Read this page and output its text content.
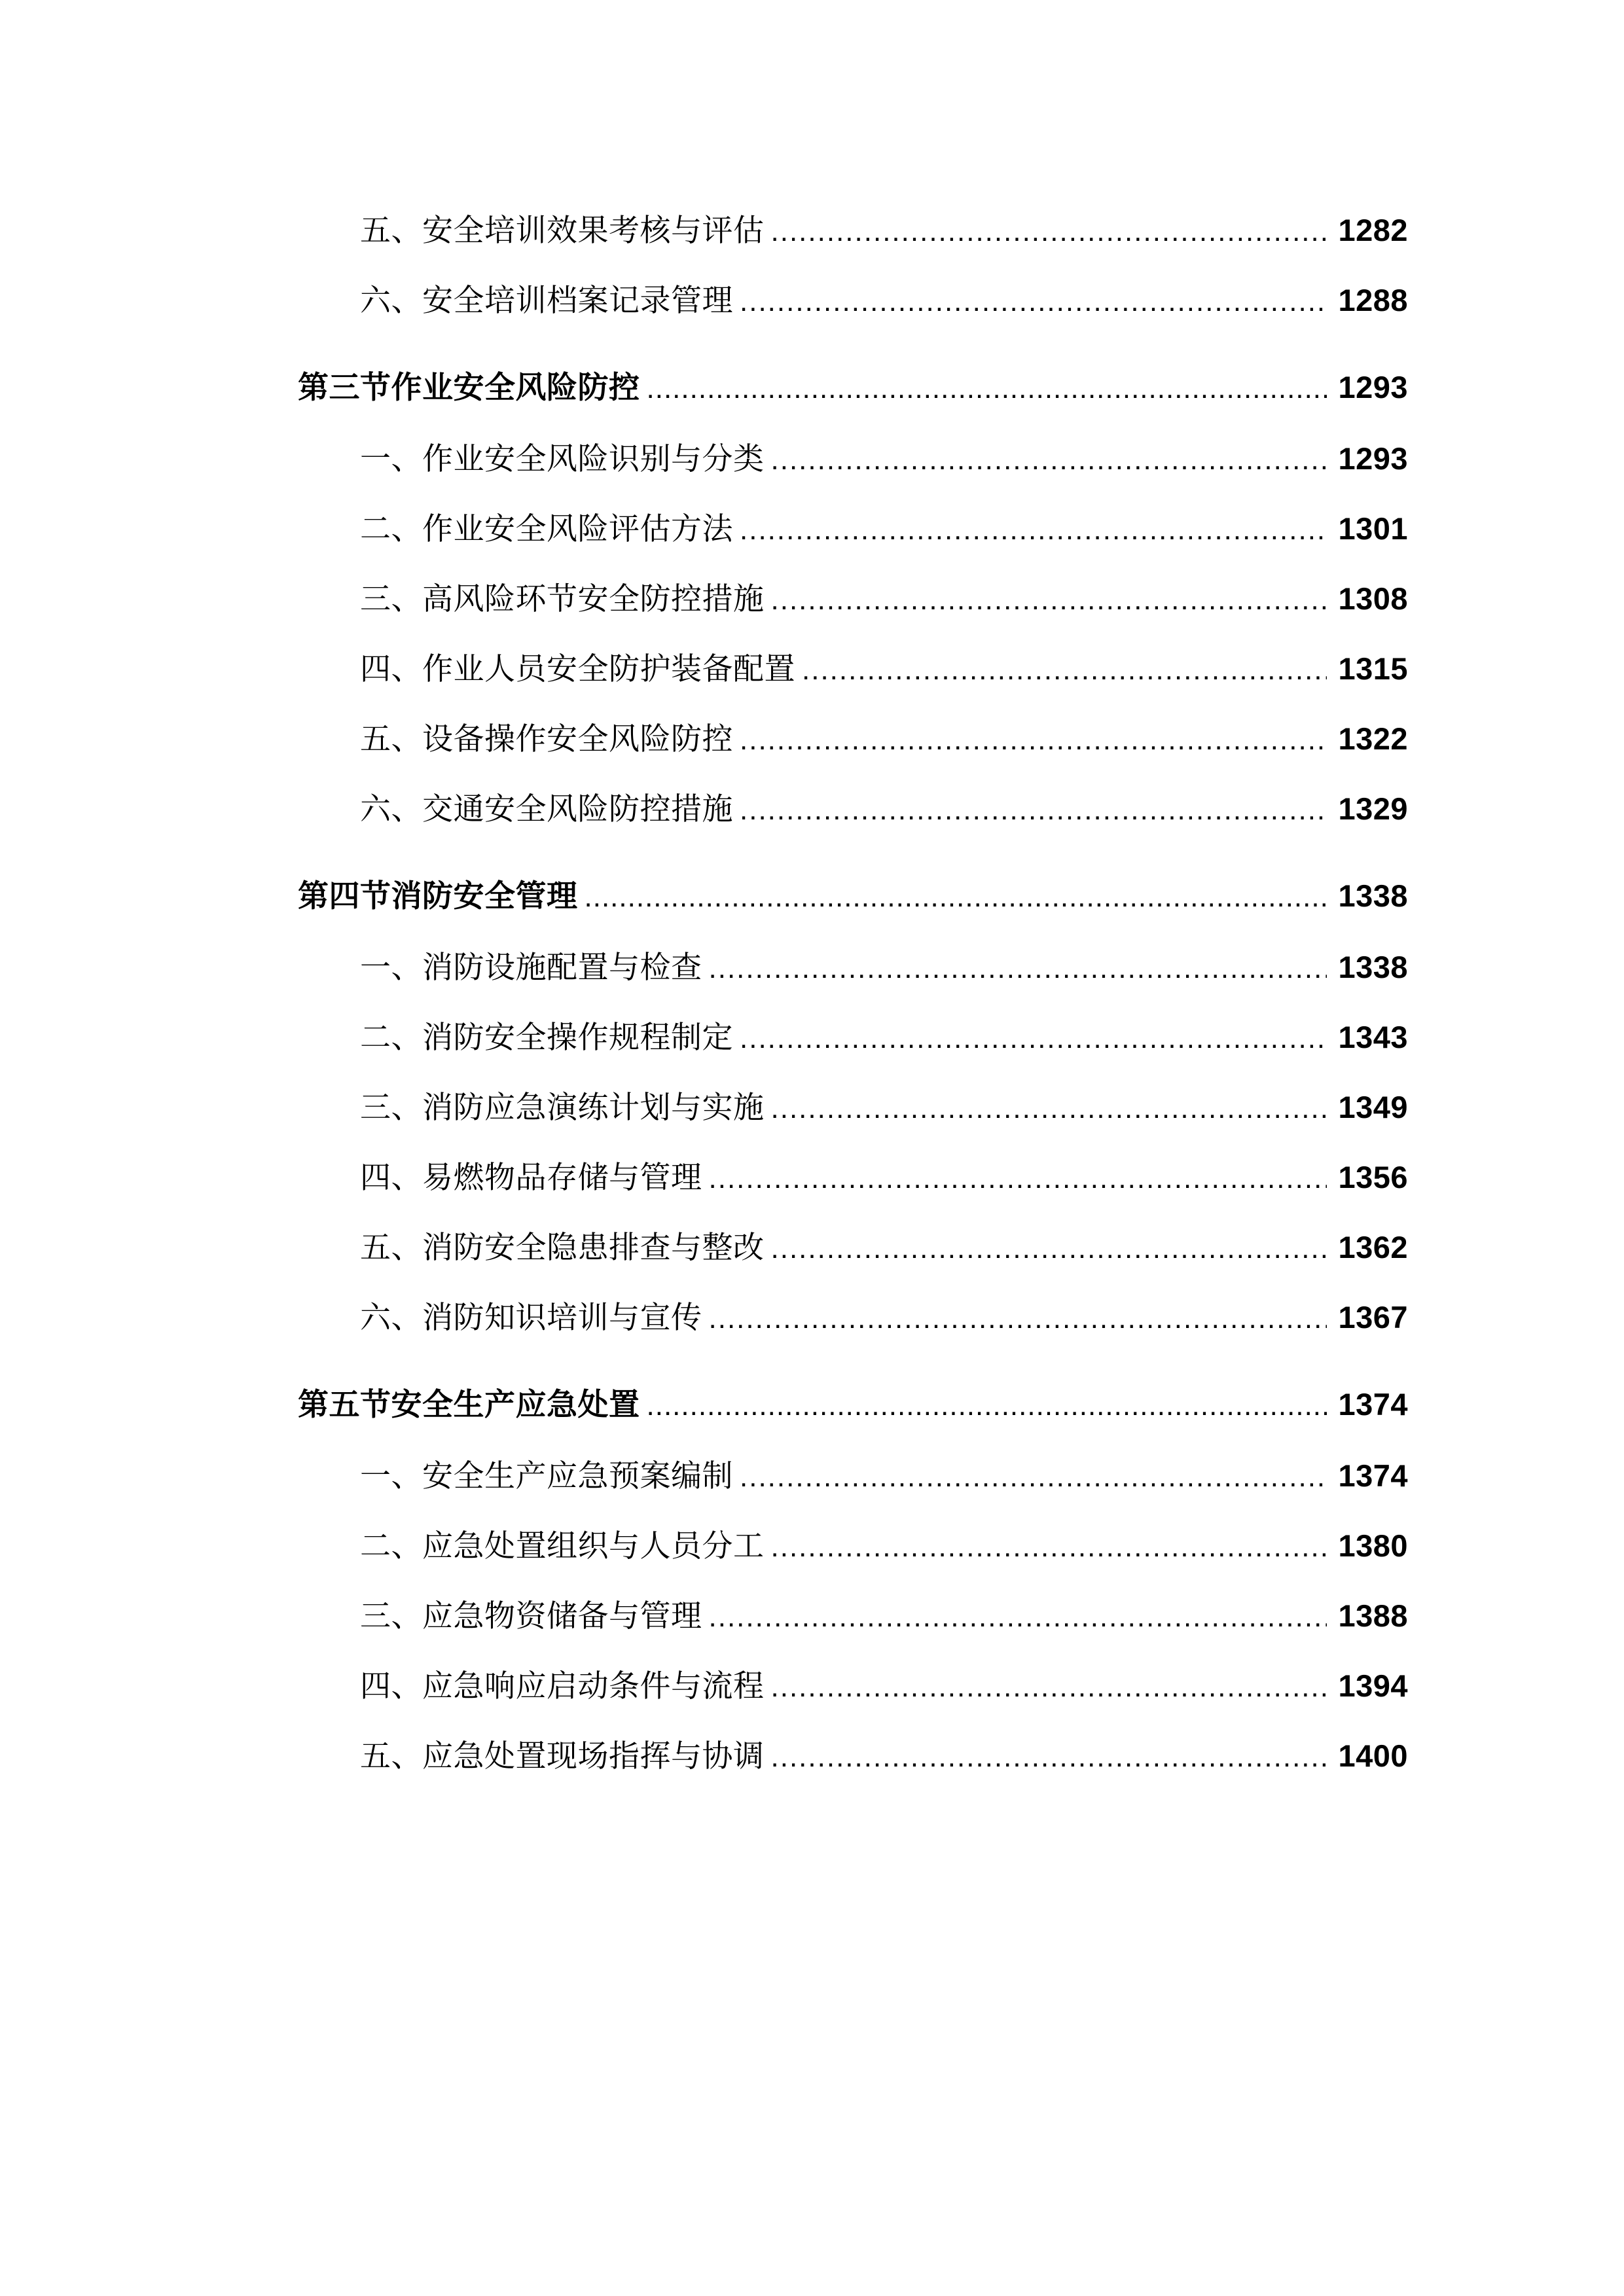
五、安全培训效果考核与评估 .....	1282
六、安全培训档案记录管理 .....	1288
第三节作业安全风险防控 .....	1293
一、作业安全风险识别与分类 .....	1293
二、作业安全风险评估方法 .....	1301
三、高风险环节安全防控措施 .....	1308
四、作业人员安全防护装备配置 .....	1315
五、设备操作安全风险防控 .....	1322
六、交通安全风险防控措施 .....	1329
第四节消防安全管理 .....	1338
一、消防设施配置与检查 .....	1338
二、消防安全操作规程制定 .....	1343
三、消防应急演练计划与实施 .....	1349
四、易燃物品存储与管理 .....	1356
五、消防安全隐患排查与整改 .....	1362
六、消防知识培训与宣传 .....	1367
第五节安全生产应急处置 .....	1374
一、安全生产应急预案编制 .....	1374
二、应急处置组织与人员分工 .....	1380
三、应急物资储备与管理 .....	1388
四、应急响应启动条件与流程 .....	1394
五、应急处置现场指挥与协调 .....	1400
